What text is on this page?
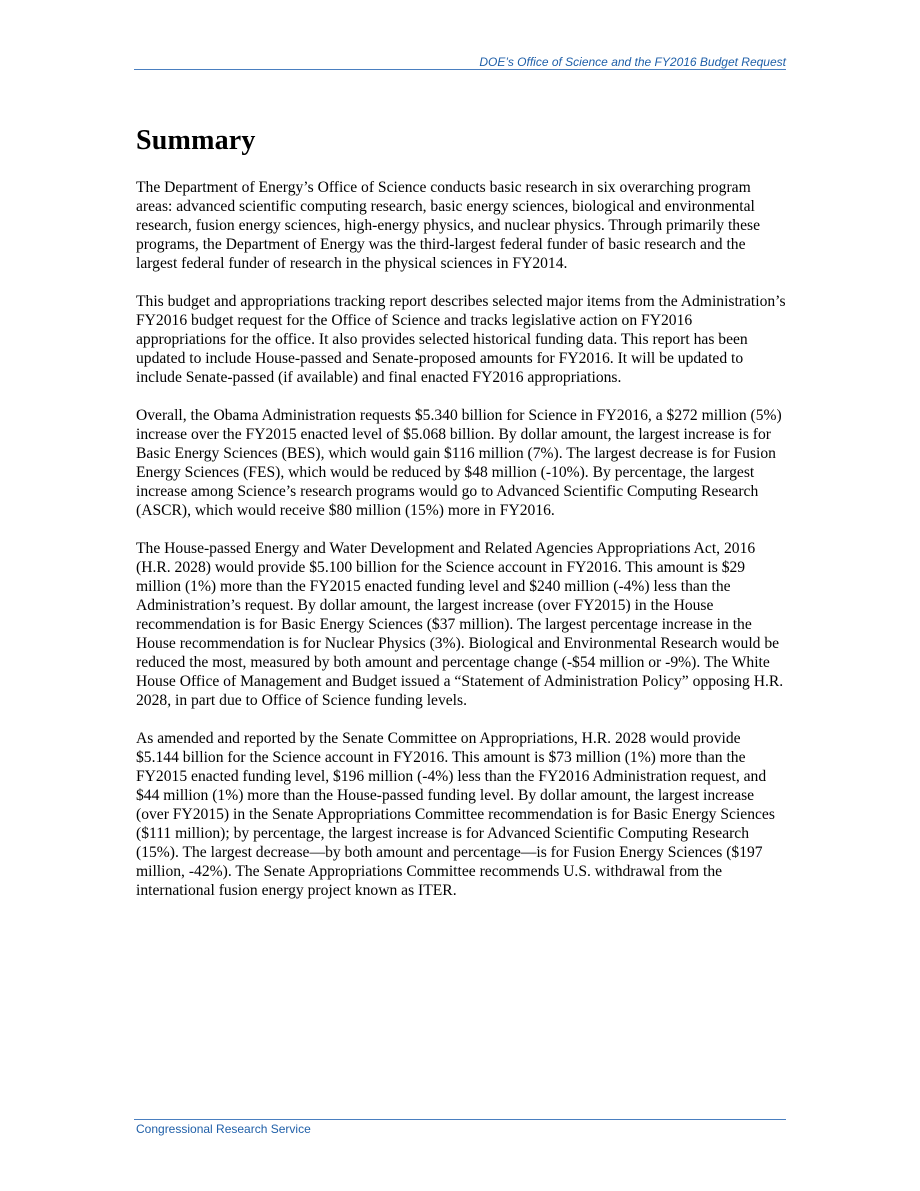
DOE’s Office of Science and the FY2016 Budget Request
Summary

The Department of Energy’s Office of Science conducts basic research in six overarching program areas: advanced scientific computing research, basic energy sciences, biological and environmental research, fusion energy sciences, high-energy physics, and nuclear physics. Through primarily these programs, the Department of Energy was the third-largest federal funder of basic research and the largest federal funder of research in the physical sciences in FY2014.

This budget and appropriations tracking report describes selected major items from the Administration’s FY2016 budget request for the Office of Science and tracks legislative action on FY2016 appropriations for the office. It also provides selected historical funding data. This report has been updated to include House-passed and Senate-proposed amounts for FY2016. It will be updated to include Senate-passed (if available) and final enacted FY2016 appropriations.

Overall, the Obama Administration requests $5.340 billion for Science in FY2016, a $272 million (5%) increase over the FY2015 enacted level of $5.068 billion. By dollar amount, the largest increase is for Basic Energy Sciences (BES), which would gain $116 million (7%). The largest decrease is for Fusion Energy Sciences (FES), which would be reduced by $48 million (-10%). By percentage, the largest increase among Science’s research programs would go to Advanced Scientific Computing Research (ASCR), which would receive $80 million (15%) more in FY2016.

The House-passed Energy and Water Development and Related Agencies Appropriations Act, 2016 (H.R. 2028) would provide $5.100 billion for the Science account in FY2016. This amount is $29 million (1%) more than the FY2015 enacted funding level and $240 million (-4%) less than the Administration’s request. By dollar amount, the largest increase (over FY2015) in the House recommendation is for Basic Energy Sciences ($37 million). The largest percentage increase in the House recommendation is for Nuclear Physics (3%). Biological and Environmental Research would be reduced the most, measured by both amount and percentage change (-$54 million or -9%). The White House Office of Management and Budget issued a “Statement of Administration Policy” opposing H.R. 2028, in part due to Office of Science funding levels.

As amended and reported by the Senate Committee on Appropriations, H.R. 2028 would provide $5.144 billion for the Science account in FY2016. This amount is $73 million (1%) more than the FY2015 enacted funding level, $196 million (-4%) less than the FY2016 Administration request, and $44 million (1%) more than the House-passed funding level. By dollar amount, the largest increase (over FY2015) in the Senate Appropriations Committee recommendation is for Basic Energy Sciences ($111 million); by percentage, the largest increase is for Advanced Scientific Computing Research (15%). The largest decrease—by both amount and percentage—is for Fusion Energy Sciences ($197 million, -42%). The Senate Appropriations Committee recommends U.S. withdrawal from the international fusion energy project known as ITER.

Congressional Research Service
